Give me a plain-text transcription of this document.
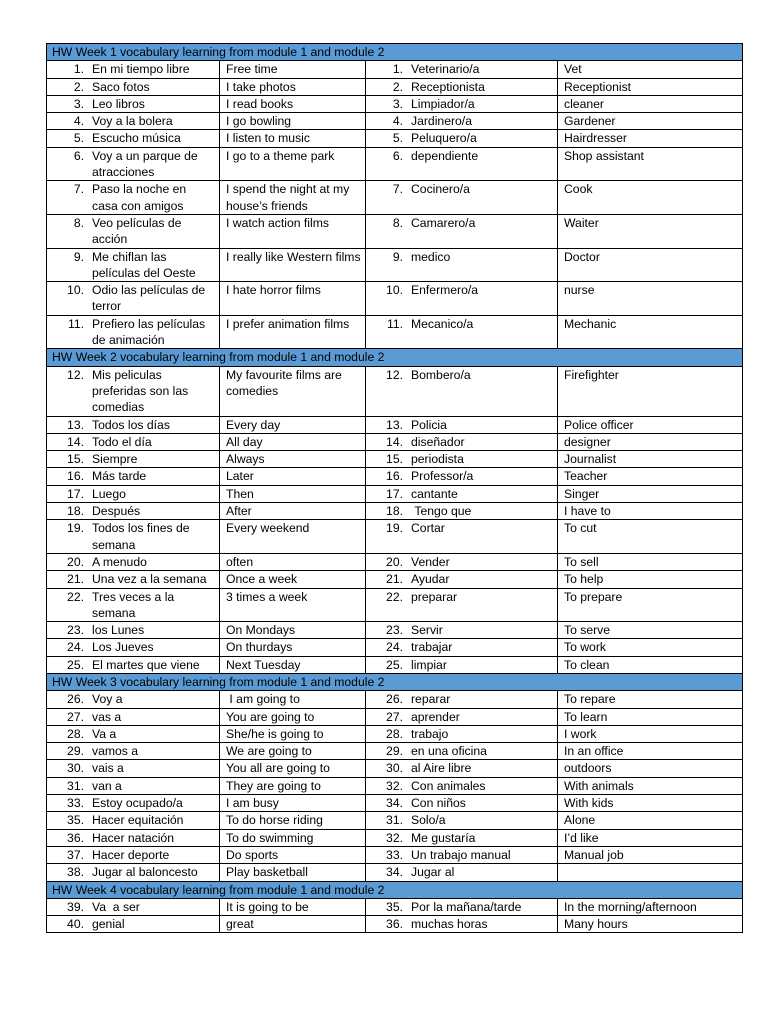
HW Week 1 vocabulary learning from module 1 and module 2			
1. En mi tiempo libre	Free time	1. Veterinario/a	Vet
2. Saco fotos	I take photos	2. Receptionista	Receptionist
3. Leo libros	I read books	3. Limpiador/a	cleaner
4. Voy a la bolera	I go bowling	4. Jardinero/a	Gardener
5. Escucho música	I listen to music	5. Peluquero/a	Hairdresser
6. Voy a un parque de atracciones	I go to a theme park	6. dependiente	Shop assistant
7. Paso la noche en casa con amigos	I spend the night at my house’s friends	7. Cocinero/a	Cook
8. Veo películas de acción	I watch action films	8. Camarero/a	Waiter
9. Me chiflan las películas del Oeste	I really like Western films	9. medico	Doctor
10. Odio las películas de terror	I hate horror films	10. Enfermero/a	nurse
11. Prefiero las películas de animación	I prefer animation films	11. Mecanico/a	Mechanic
HW Week 2 vocabulary learning from module 1 and module 2			
12. Mis peliculas preferidas son las comedias	My favourite films are comedies	12. Bombero/a	Firefighter
13. Todos los días	Every day	13. Policia	Police officer
14. Todo el día	All day	14. diseñador	designer
15. Siempre	Always	15. periodista	Journalist
16. Más tarde	Later	16. Professor/a	Teacher
17. Luego	Then	17. cantante	Singer
18. Después	After	18. Tengo que	I have to
19. Todos los fines de semana	Every weekend	19. Cortar	To cut
20. A menudo	often	20. Vender	To sell
21. Una vez a la semana	Once a week	21. Ayudar	To help
22. Tres veces a la semana	3 times a week	22. preparar	To prepare
23. los Lunes	On Mondays	23. Servir	To serve
24. Los Jueves	On thurdays	24. trabajar	To work
25. El martes que viene	Next Tuesday	25. limpiar	To clean
HW Week 3 vocabulary learning from module 1 and module 2			
26. Voy a	I am going to	26. reparar	To repare
27. vas a	You are going to	27. aprender	To learn
28. Va a	She/he is going to	28. trabajo	I work
29. vamos a	We are going to	29. en una oficina	In an office
30. vais a	You all are going to	30. al Aire libre	outdoors
31. van a	They are going to	32. Con animales	With animals
33. Estoy ocupado/a	I am busy	34. Con niños	With kids
35. Hacer equitación	To do horse riding	31. Solo/a	Alone
36. Hacer natación	To do swimming	32. Me gustaría	I’d like
37. Hacer deporte	Do sports	33. Un trabajo manual	Manual job
38. Jugar al baloncesto	Play basketball	34. Jugar al	
HW Week 4 vocabulary learning from module 1 and module 2			
39. Va  a ser	It is going to be	35. Por la mañana/tarde	In the morning/afternoon
40. genial	great	36. muchas horas	Many hours
